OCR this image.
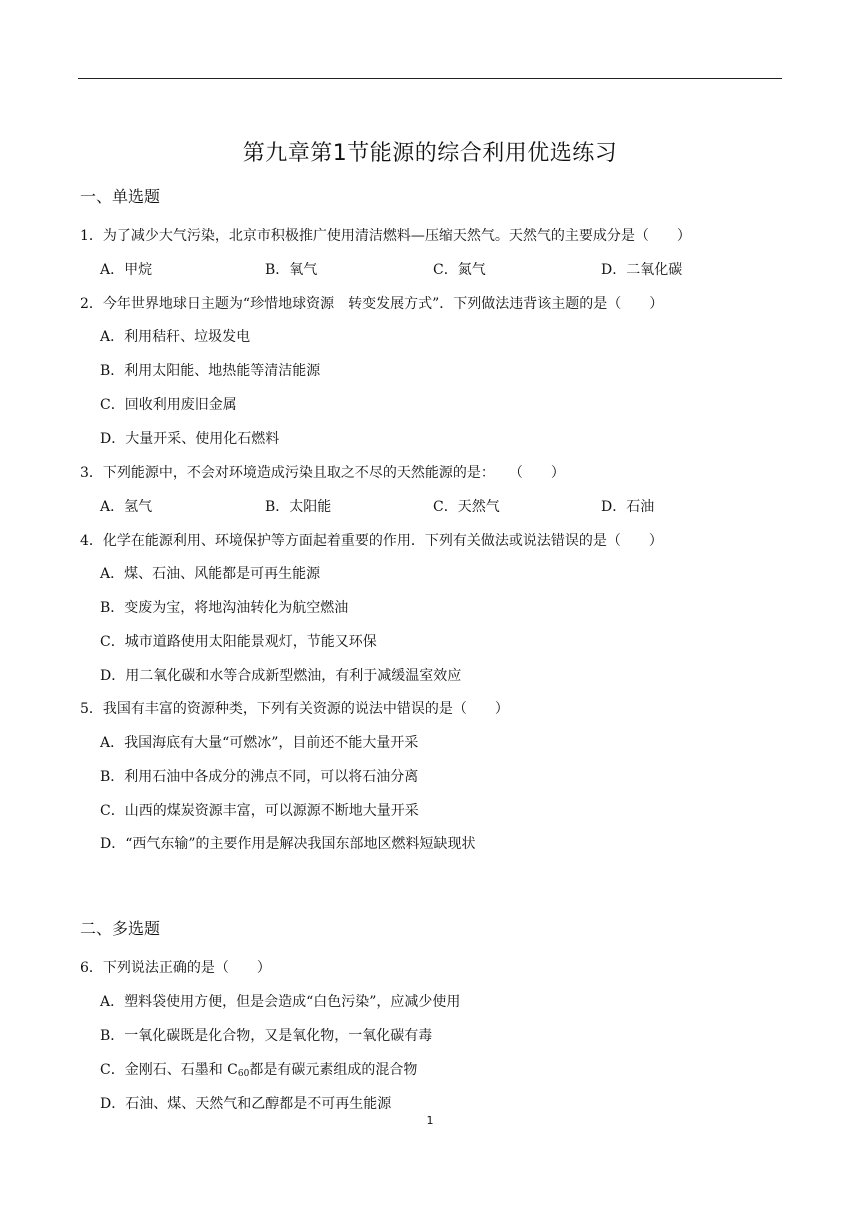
第九章第1节能源的综合利用优选练习
一、单选题
1．为了减少大气污染，北京市积极推广使用清洁燃料—压缩天然气。天然气的主要成分是（　　）
A．甲烷	B．氧气	C．氮气	D．二氧化碳
2．今年世界地球日主题为“珍惜地球资源　转变发展方式”．下列做法违背该主题的是（　　）
A．利用秸秆、垃圾发电
B．利用太阳能、地热能等清洁能源
C．回收利用废旧金属
D．大量开采、使用化石燃料
3．下列能源中，不会对环境造成污染且取之不尽的天然能源的是：　　（　　）
A．氢气	B．太阳能	C．天然气	D．石油
4．化学在能源利用、环境保护等方面起着重要的作用．下列有关做法或说法错误的是（　　）
A．煤、石油、风能都是可再生能源
B．变废为宝，将地沟油转化为航空燃油
C．城市道路使用太阳能景观灯，节能又环保
D．用二氧化碳和水等合成新型燃油，有利于减缓温室效应
5．我国有丰富的资源种类，下列有关资源的说法中错误的是（　　）
A．我国海底有大量“可燃冰”，目前还不能大量开采
B．利用石油中各成分的沸点不同，可以将石油分离
C．山西的煤炭资源丰富，可以源源不断地大量开采
D．“西气东输”的主要作用是解决我国东部地区燃料短缺现状
二、多选题
6．下列说法正确的是（　　）
A．塑料袋使用方便，但是会造成“白色污染”，应减少使用
B．一氧化碳既是化合物，又是氧化物，一氧化碳有毒
C．金刚石、石墨和 $C_{60}$都是有碳元素组成的混合物
D．石油、煤、天然气和乙醇都是不可再生能源
1
